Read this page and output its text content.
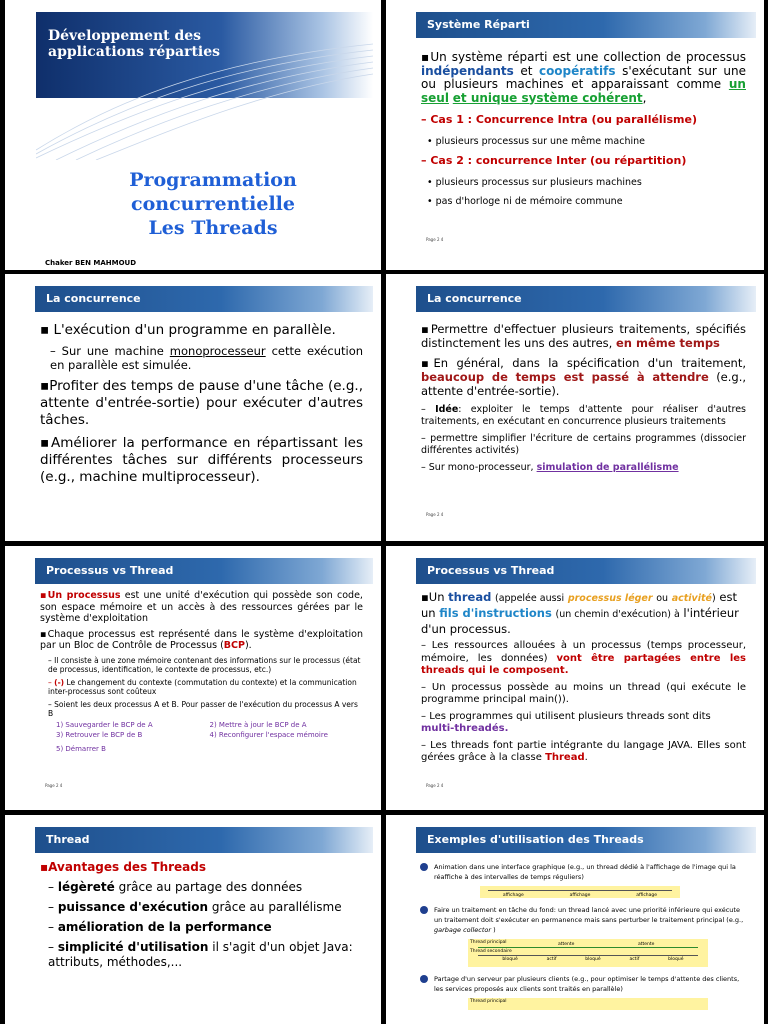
Développement des applications réparties
Programmation
concurrentielle
Les Threads
Chaker BEN MAHMOUD
Système Réparti
▪Un système réparti est une collection de processus indépendants et coopératifs s'exécutant sur une ou plusieurs machines et apparaissant comme un seul et unique système cohérent,
– Cas 1 : Concurrence Intra (ou parallélisme)
• plusieurs processus sur une même machine
– Cas 2 : concurrence Inter (ou répartition)
• plusieurs processus sur plusieurs machines
• pas d'horloge ni de mémoire commune
Page 2 4
La concurrence
▪ L'exécution d'un programme en parallèle.
– Sur une machine monoprocesseur cette exécution en parallèle est simulée.
▪Profiter des temps de pause d'une tâche (e.g., attente d'entrée-sortie) pour exécuter d'autres tâches.
▪Améliorer la performance en répartissant les différentes tâches sur différents processeurs (e.g., machine multiprocesseur).
La concurrence
▪Permettre d'effectuer plusieurs traitements, spécifiés distinctement les uns des autres, en même temps
▪En général, dans la spécification d'un traitement, beaucoup de temps est passé à attendre (e.g., attente d'entrée-sortie).
– Idée: exploiter le temps d'attente pour réaliser d'autres traitements, en exécutant en concurrence plusieurs traitements
– permettre simplifier l'écriture de certains programmes (dissocier différentes activités)
– Sur mono-processeur, simulation de parallélisme
Page 2 4
Processus vs Thread
▪Un processus est une unité d'exécution qui possède son code, son espace mémoire et un accès à des ressources gérées par le système d'exploitation
▪Chaque processus est représenté dans le système d'exploitation par un Bloc de Contrôle de Processus (BCP).
– Il consiste à une zone mémoire contenant des informations sur le processus (état de processus, identification, le contexte de processus, etc.)
– (-) Le changement du contexte (commutation du contexte) et la communication inter-processus sont coûteux
– Soient les deux processus A et B. Pour passer de l'exécution du processus A vers B
1) Sauvegarder le BCP de A	2) Mettre à jour le BCP de A
3) Retrouver le BCP de B	4) Reconfigurer l'espace mémoire
5) Démarrer B
Page 2 4
Processus vs Thread
▪Un thread (appelée aussi processus léger ou activité) est un fils d'instructions (un chemin d'exécution) à l'intérieur d'un processus.
– Les ressources allouées à un processus (temps processeur, mémoire, les données) vont être partagées entre les threads qui le composent.
– Un processus possède au moins un thread (qui exécute le programme principal main()).
– Les programmes qui utilisent plusieurs threads sont dits multi-threadés.
– Les threads font partie intégrante du langage JAVA. Elles sont gérées grâce à la classe Thread.
Page 2 4
Thread
▪Avantages des Threads
– légèreté grâce au partage des données
– puissance d'exécution grâce au parallélisme
– amélioration de la performance
– simplicité d'utilisation il s'agit d'un objet Java: attributs, méthodes,...
Exemples d'utilisation des Threads
Animation dans une interface graphique (e.g., un thread dédié à l'affichage de l'image qui la réaffiche à des intervalles de temps réguliers)
affichage	affichage	affichage
Faire un traitement en tâche du fond: un thread lancé avec une priorité inférieure qui exécute un traitement doit s'exécuter en permanence mais sans perturber le traitement principal (e.g., garbage collector )
Thread principal
Thread secondaire
attente	attente
bloqué	actif	bloqué	actif	bloqué
Partage d'un serveur par plusieurs clients (e.g., pour optimiser le temps d'attente des clients, les services proposés aux clients sont traités en parallèle)
Thread principal
